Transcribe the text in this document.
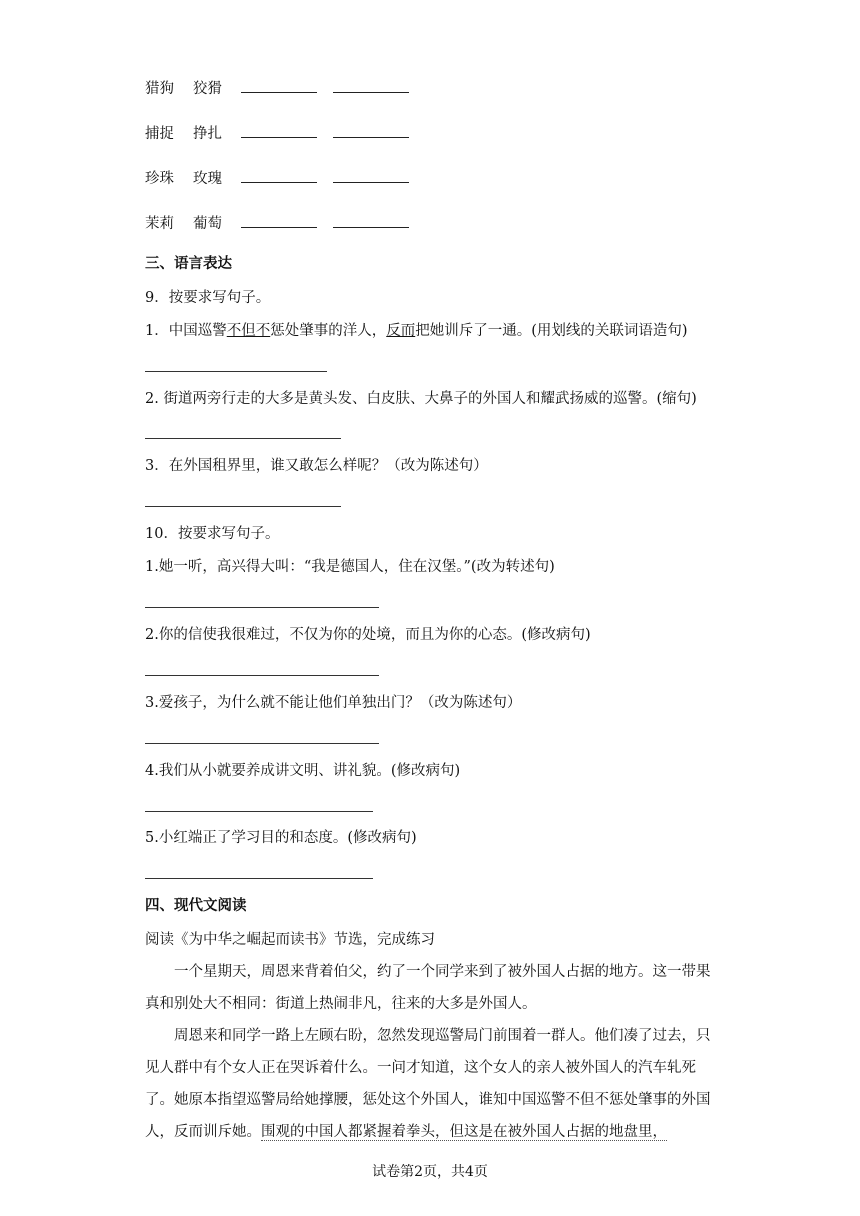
猎狗 狡猾
捕捉 挣扎
珍珠 玫瑰
茉莉 葡萄
三、语言表达
9．按要求写句子。
1．中国巡警不但不惩处肇事的洋人，反而把她训斥了一通。(用划线的关联词语造句)
2. 街道两旁行走的大多是黄头发、白皮肤、大鼻子的外国人和耀武扬威的巡警。(缩句)
3．在外国租界里，谁又敢怎么样呢？（改为陈述句）
10．按要求写句子。
1.她一听，高兴得大叫：“我是德国人，住在汉堡。”(改为转述句)
2.你的信使我很难过，不仅为你的处境，而且为你的心态。(修改病句)
3.爱孩子，为什么就不能让他们单独出门？（改为陈述句）
4.我们从小就要养成讲文明、讲礼貌。(修改病句)
5.小红端正了学习目的和态度。(修改病句)
四、现代文阅读
阅读《为中华之崛起而读书》节选，完成练习

一个星期天，周恩来背着伯父，约了一个同学来到了被外国人占据的地方。这一带果真和别处大不相同：街道上热闹非凡，往来的大多是外国人。

周恩来和同学一路上左顾右盼，忽然发现巡警局门前围着一群人。他们凑了过去，只见人群中有个女人正在哭诉着什么。一问才知道，这个女人的亲人被外国人的汽车轧死了。她原本指望巡警局给她撑腰，惩处这个外国人，谁知中国巡警不但不惩处肇事的外国人，反而训斥她。围观的中国人都紧握着拳头，但这是在被外国人占据的地盘里，

试卷第2页，共4页
